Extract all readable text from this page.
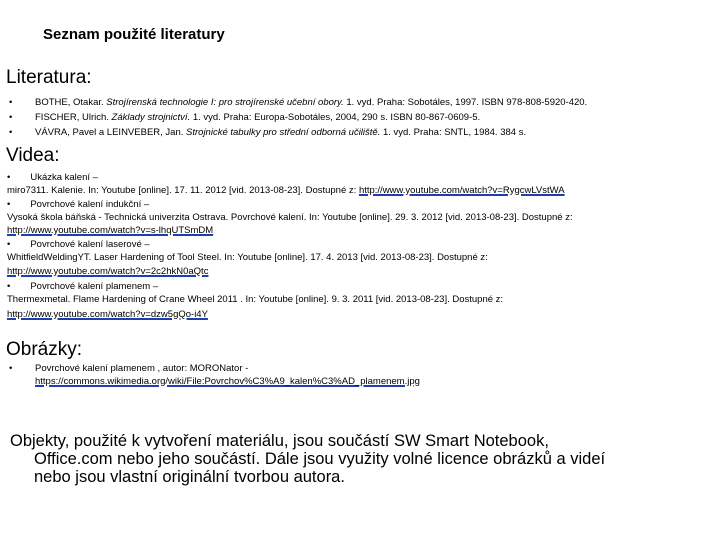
Seznam použité literatury
Literatura:
• BOTHE, Otakar. Strojírenská technologie I: pro strojírenské učební obory. 1. vyd. Praha: Sobotáles, 1997. ISBN 978-808-5920-420.
• FISCHER, Ulrich. Základy strojnictví. 1. vyd. Praha: Europa-Sobotáles, 2004, 290 s. ISBN 80-867-0609-5.
• VÁVRA, Pavel a LEINVEBER, Jan. Strojnické tabulky pro střední odborná učiliště. 1. vyd. Praha: SNTL, 1984. 384 s.
Videa:
• Ukázka kalení –
miro7311. Kalenie. In: Youtube [online]. 17. 11. 2012 [vid. 2013-08-23]. Dostupné z: http://www.youtube.com/watch?v=RygcwLVstWA
• Povrchové kalení indukční –
Vysoká škola báňská - Technická univerzita Ostrava. Povrchové kalení. In: Youtube [online]. 29. 3. 2012 [vid. 2013-08-23]. Dostupné z:
http://www.youtube.com/watch?v=s-lhqUTSmDM
• Povrchové kalení laserové –
WhitfieldWeldingYT. Laser Hardening of Tool Steel. In: Youtube [online]. 17. 4. 2013 [vid. 2013-08-23]. Dostupné z:
http://www.youtube.com/watch?v=2c2hkN0aQtc
• Povrchové kalení plamenem –
Thermexmetal. Flame Hardening of Crane Wheel 2011 . In: Youtube [online]. 9. 3. 2011 [vid. 2013-08-23]. Dostupné z:
http://www.youtube.com/watch?v=dzw5gQo-i4Y
Obrázky:
• Povrchové kalení plamenem , autor: MORONator -
https://commons.wikimedia.org/wiki/File:Povrchov%C3%A9_kalen%C3%AD_plamenem.jpg
Objekty, použité k vytvoření materiálu, jsou součástí SW Smart Notebook,
Office.com nebo jeho součástí. Dále jsou využity volné licence obrázků a videí
nebo jsou vlastní originální tvorbou autora.
